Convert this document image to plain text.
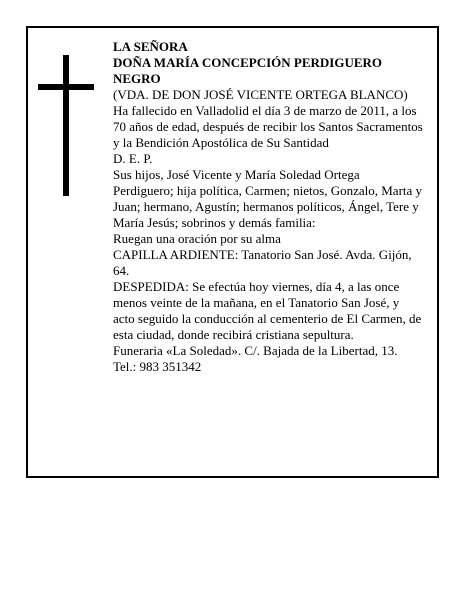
LA SEÑORA

DOÑA MARÍA CONCEPCIÓN PERDIGUERO NEGRO

(VDA. DE DON JOSÉ VICENTE ORTEGA BLANCO)

Ha fallecido en Valladolid el día 3 de marzo de 2011, a los 70 años de edad, después de recibir los Santos Sacramentos y la Bendición Apostólica de Su Santidad

D. E. P.

Sus hijos, José Vicente y María Soledad Ortega Perdiguero; hija política, Carmen; nietos, Gonzalo, Marta y Juan; hermano, Agustín; hermanos políticos, Ángel, Tere y María Jesús; sobrinos y demás familia:

Ruegan una oración por su alma

CAPILLA ARDIENTE: Tanatorio San José. Avda. Gijón, 64.

DESPEDIDA: Se efectúa hoy viernes, día 4, a las once menos veinte de la mañana, en el Tanatorio San José, y acto seguido la conducción al cementerio de El Carmen, de esta ciudad, donde recibirá cristiana sepultura.

Funeraria «La Soledad». C/. Bajada de la Libertad, 13. Tel.: 983 351342
